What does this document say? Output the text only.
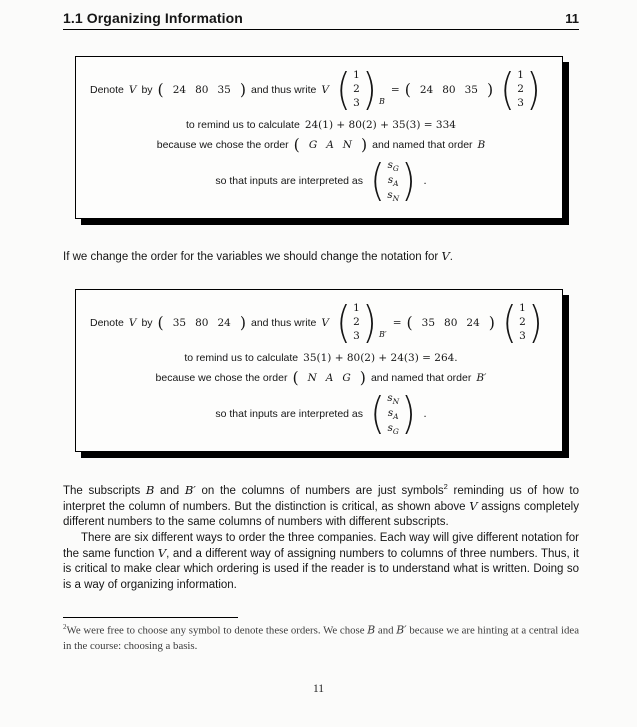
1.1 Organizing Information	11
Denote V by ( 24 80 35 ) and thus write V ( 1
2
3 ) B
= ( 24 80 35 ) ( 1
2
3 )
to remind us to calculate 24(1) + 80(2) + 35(3) = 334
because we chose the order ( G A N ) and named that order B
so that inputs are interpreted as ( $s_G$
$s_A$
$s_N$ ) .

If we change the order for the variables we should change the notation for V.

Denote V by ( 35 80 24 ) and thus write V ( 1
2
3 ) B′
= ( 35 80 24 ) ( 1
2
3 )
to remind us to calculate 35(1) + 80(2) + 24(3) = 264.
because we chose the order ( N A G ) and named that order B′
so that inputs are interpreted as ( $s_N$
$s_A$
$s_G$ ) .

The subscripts B and B′ on the columns of numbers are just symbols$^2$ reminding us of how to interpret the column of numbers. But the distinction is critical, as shown above V assigns completely different numbers to the same columns of numbers with different subscripts.

There are six different ways to order the three companies. Each way will give different notation for the same function V, and a different way of assigning numbers to columns of three numbers. Thus, it is critical to make clear which ordering is used if the reader is to understand what is written. Doing so is a way of organizing information.

$^2$We were free to choose any symbol to denote these orders. We chose B and B′ because we are hinting at a central idea in the course: choosing a basis.

11
